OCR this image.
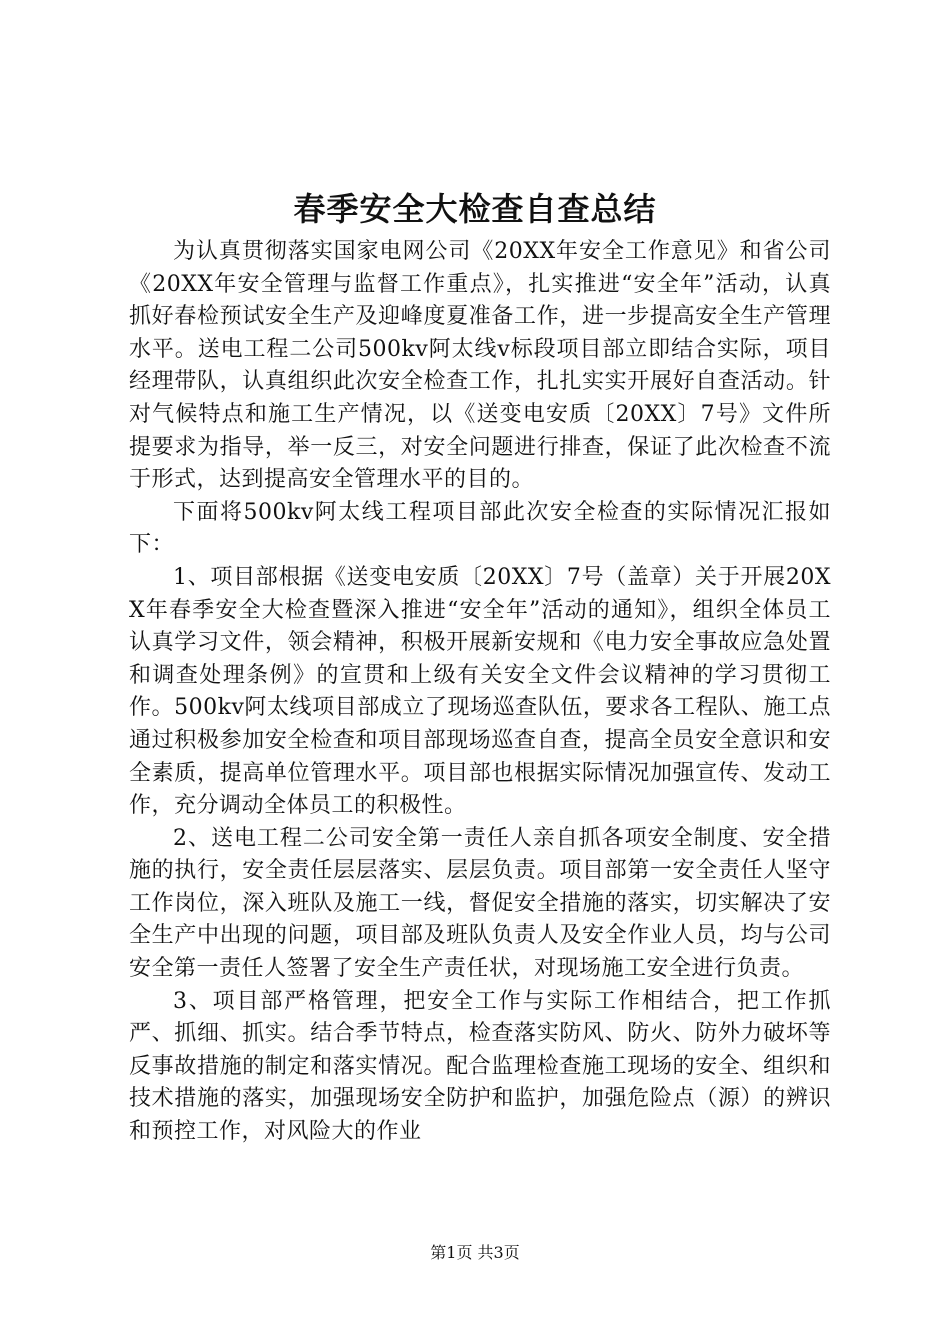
春季安全大检查自查总结

为认真贯彻落实国家电网公司《20XX年安全工作意见》和省公司《20XX年安全管理与监督工作重点》，扎实推进“安全年”活动，认真抓好春检预试安全生产及迎峰度夏准备工作，进一步提高安全生产管理水平。送电工程二公司500kv阿太线v标段项目部立即结合实际，项目经理带队，认真组织此次安全检查工作，扎扎实实开展好自查活动。针对气候特点和施工生产情况，以《送变电安质〔20XX〕7号》文件所提要求为指导，举一反三，对安全问题进行排查，保证了此次检查不流于形式，达到提高安全管理水平的目的。

下面将500kv阿太线工程项目部此次安全检查的实际情况汇报如下：

1、项目部根据《送变电安质〔20XX〕7号（盖章）关于开展20XX年春季安全大检查暨深入推进“安全年”活动的通知》，组织全体员工认真学习文件，领会精神，积极开展新安规和《电力安全事故应急处置和调查处理条例》的宣贯和上级有关安全文件会议精神的学习贯彻工作。500kv阿太线项目部成立了现场巡查队伍，要求各工程队、施工点通过积极参加安全检查和项目部现场巡查自查，提高全员安全意识和安全素质，提高单位管理水平。项目部也根据实际情况加强宣传、发动工作，充分调动全体员工的积极性。

2、送电工程二公司安全第一责任人亲自抓各项安全制度、安全措施的执行，安全责任层层落实、层层负责。项目部第一安全责任人坚守工作岗位，深入班队及施工一线，督促安全措施的落实，切实解决了安全生产中出现的问题，项目部及班队负责人及安全作业人员，均与公司安全第一责任人签署了安全生产责任状，对现场施工安全进行负责。

3、项目部严格管理，把安全工作与实际工作相结合，把工作抓严、抓细、抓实。结合季节特点，检查落实防风、防火、防外力破坏等反事故措施的制定和落实情况。配合监理检查施工现场的安全、组织和技术措施的落实，加强现场安全防护和监护，加强危险点（源）的辨识和预控工作，对风险大的作业

第1页 共3页
